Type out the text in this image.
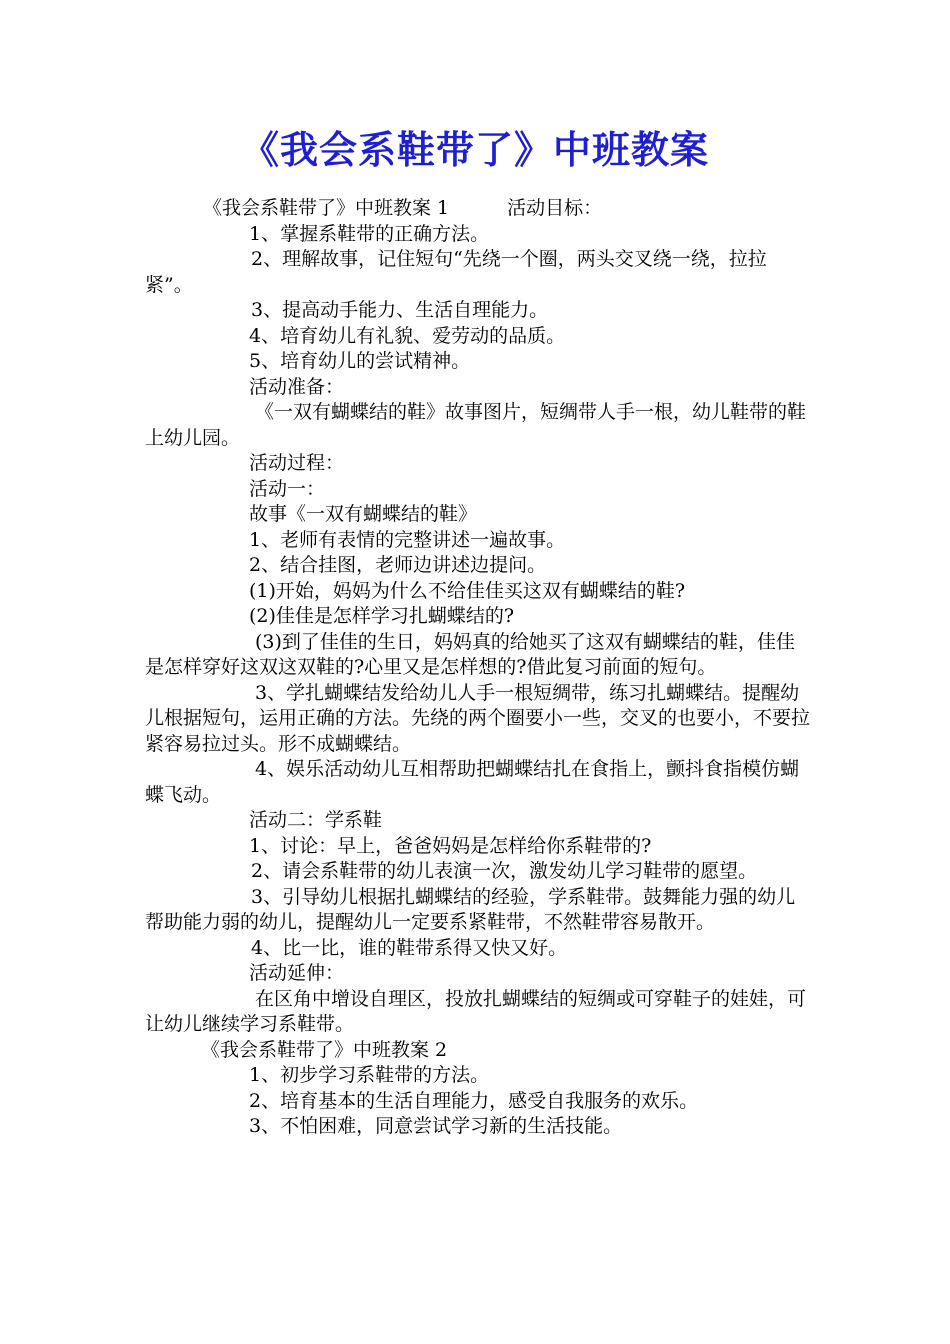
《我会系鞋带了》中班教案

《我会系鞋带了》中班教案 1	活动目标：

1、掌握系鞋带的正确方法。

2、理解故事，记住短句“先绕一个圈，两头交叉绕一绕，拉拉紧”。

3、提高动手能力、生活自理能力。

4、培育幼儿有礼貌、爱劳动的品质。

5、培育幼儿的尝试精神。

活动准备：

《一双有蝴蝶结的鞋》故事图片，短绸带人手一根，幼儿鞋带的鞋上幼儿园。

活动过程：

活动一：

故事《一双有蝴蝶结的鞋》

1、老师有表情的完整讲述一遍故事。

2、结合挂图，老师边讲述边提问。

(1)开始，妈妈为什么不给佳佳买这双有蝴蝶结的鞋?

(2)佳佳是怎样学习扎蝴蝶结的?

(3)到了佳佳的生日，妈妈真的给她买了这双有蝴蝶结的鞋，佳佳是怎样穿好这双这双鞋的?心里又是怎样想的?借此复习前面的短句。

3、学扎蝴蝶结发给幼儿人手一根短绸带，练习扎蝴蝶结。提醒幼儿根据短句，运用正确的方法。先绕的两个圈要小一些，交叉的也要小，不要拉紧容易拉过头。形不成蝴蝶结。

4、娱乐活动幼儿互相帮助把蝴蝶结扎在食指上，颤抖食指模仿蝴蝶飞动。

活动二：学系鞋

1、讨论：早上，爸爸妈妈是怎样给你系鞋带的?

2、请会系鞋带的幼儿表演一次，激发幼儿学习鞋带的愿望。

3、引导幼儿根据扎蝴蝶结的经验，学系鞋带。鼓舞能力强的幼儿帮助能力弱的幼儿，提醒幼儿一定要系紧鞋带，不然鞋带容易散开。

4、比一比，谁的鞋带系得又快又好。

活动延伸：

在区角中增设自理区，投放扎蝴蝶结的短绸或可穿鞋子的娃娃，可让幼儿继续学习系鞋带。

《我会系鞋带了》中班教案 2

1、初步学习系鞋带的方法。

2、培育基本的生活自理能力，感受自我服务的欢乐。

3、不怕困难，同意尝试学习新的生活技能。
